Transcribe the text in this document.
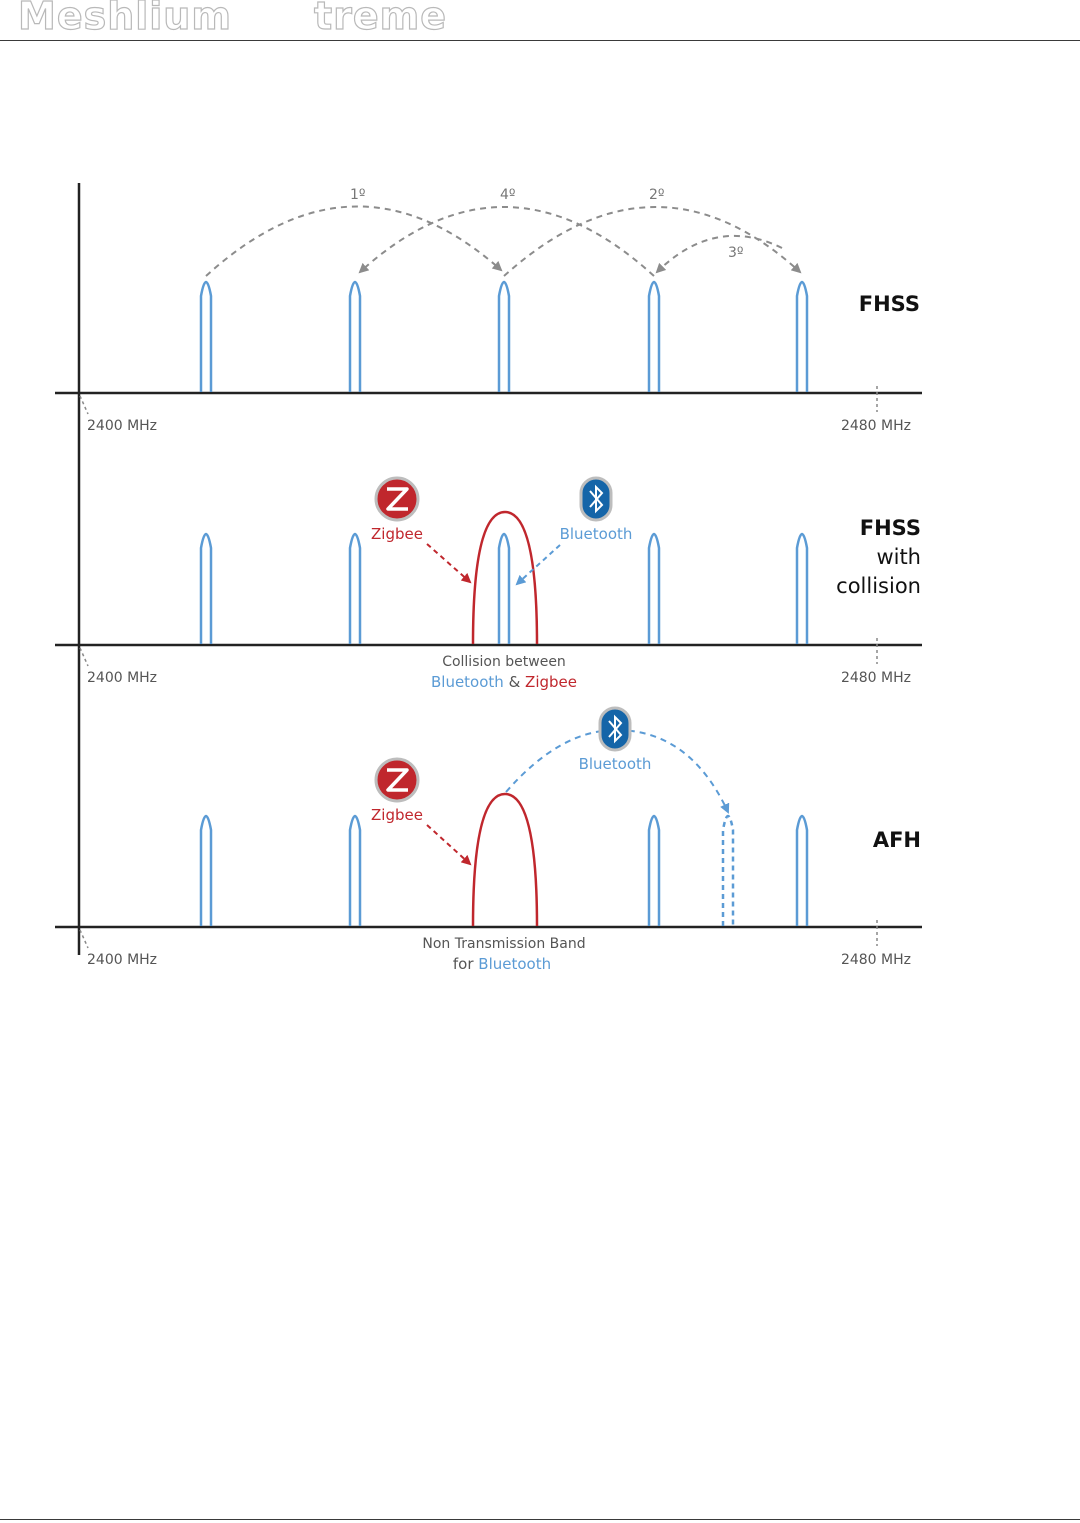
Meshlium treme
1º	4º	2º
3º
FHSS
2400 MHz	2480 MHz
Zigbee	Bluetooth	FHSS
with
collision
Collision between
Bluetooth & Zigbee
2400 MHz	2480 MHz
Zigbee
Bluetooth
AFH
Non Transmission Band
for Bluetooth
2400 MHz	2480 MHz
